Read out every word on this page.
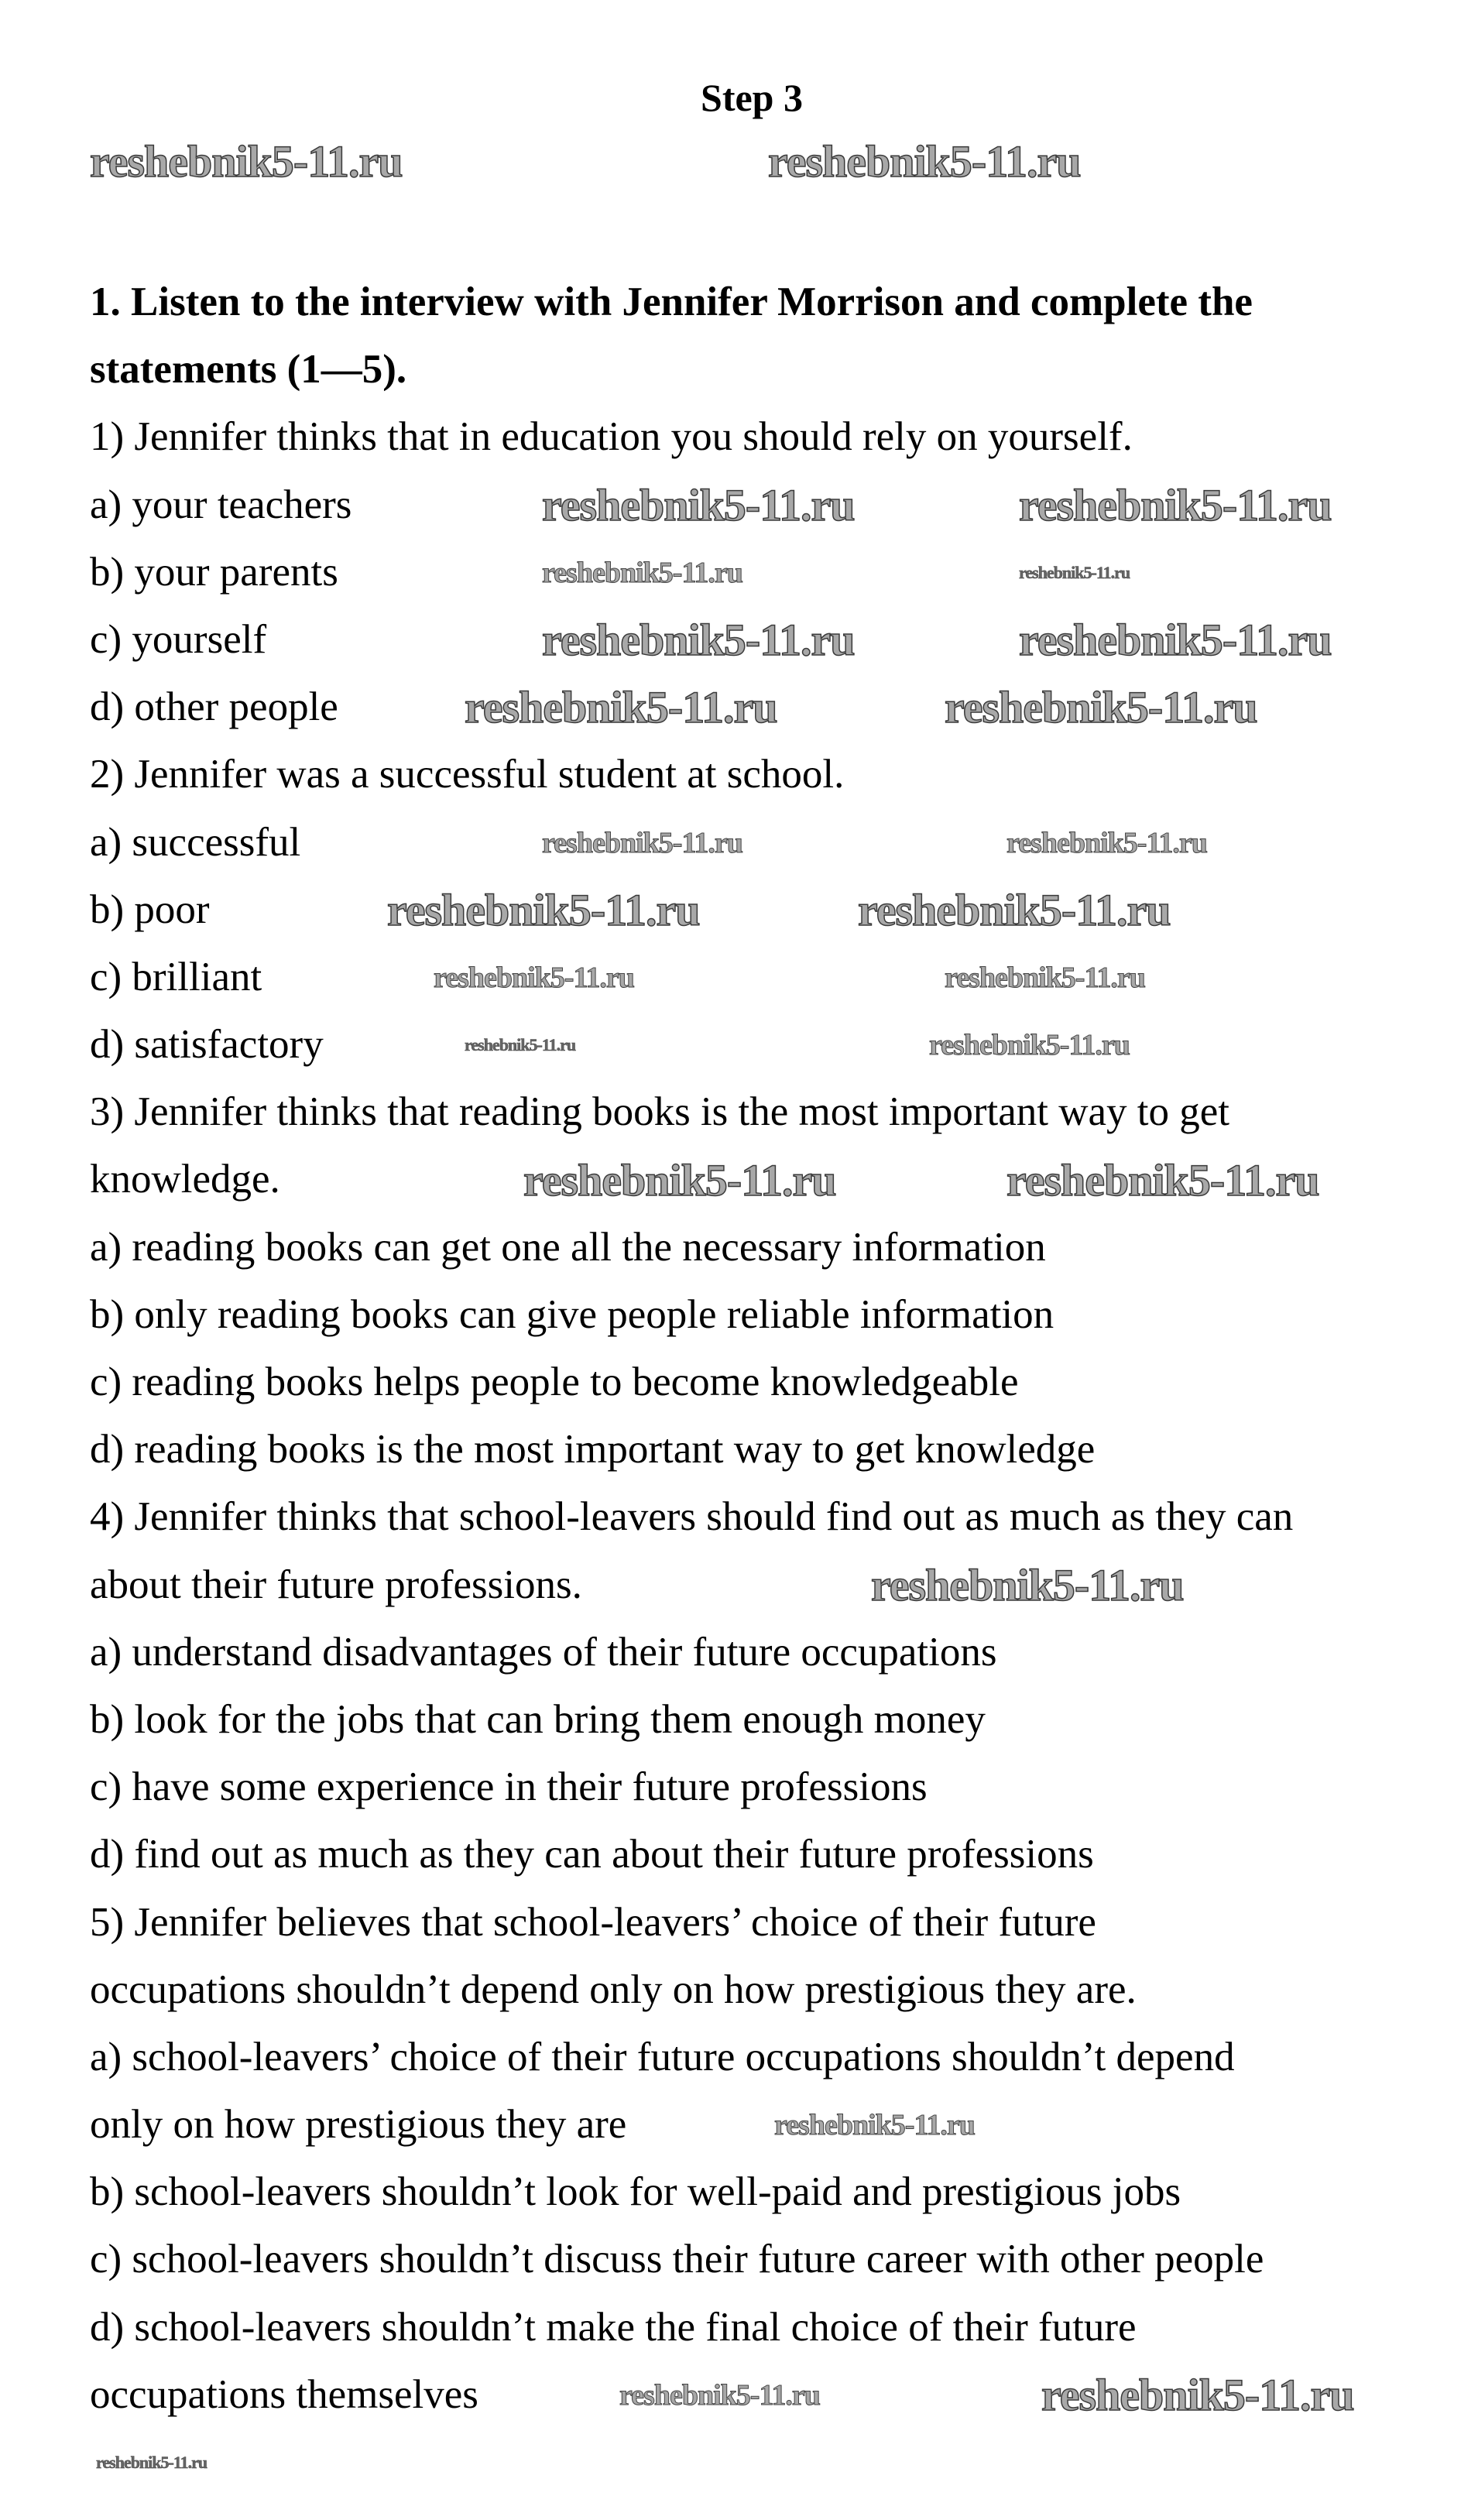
Step 3
1. Listen to the interview with Jennifer Morrison and complete the
statements (1—5).
1) Jennifer thinks that in education you should rely on yourself.
a) your teachers
b) your parents
c) yourself
d) other people
2) Jennifer was a successful student at school.
a) successful
b) poor
c) brilliant
d) satisfactory
3) Jennifer thinks that reading books is the most important way to get
knowledge.
a) reading books can get one all the necessary information
b) only reading books can give people reliable information
c) reading books helps people to become knowledgeable
d) reading books is the most important way to get knowledge
4) Jennifer thinks that school-leavers should find out as much as they can
about their future professions.
a) understand disadvantages of their future occupations
b) look for the jobs that can bring them enough money
c) have some experience in their future professions
d) find out as much as they can about their future professions
5) Jennifer believes that school-leavers’ choice of their future
occupations shouldn’t depend only on how prestigious they are.
a) school-leavers’ choice of their future occupations shouldn’t depend
only on how prestigious they are
b) school-leavers shouldn’t look for well-paid and prestigious jobs
c) school-leavers shouldn’t discuss their future career with other people
d) school-leavers shouldn’t make the final choice of their future
occupations themselves
reshebnik5-11.ru	reshebnik5-11.ru
reshebnik5-11.ru	reshebnik5-11.ru
reshebnik5-11.ru	reshebnik5-11.ru
reshebnik5-11.ru	reshebnik5-11.ru
reshebnik5-11.ru	reshebnik5-11.ru
reshebnik5-11.ru	reshebnik5-11.ru
reshebnik5-11.ru	reshebnik5-11.ru
reshebnik5-11.ru	reshebnik5-11.ru
reshebnik5-11.ru	reshebnik5-11.ru
reshebnik5-11.ru	reshebnik5-11.ru
reshebnik5-11.ru
reshebnik5-11.ru
reshebnik5-11.ru	reshebnik5-11.ru
reshebnik5-11.ru
